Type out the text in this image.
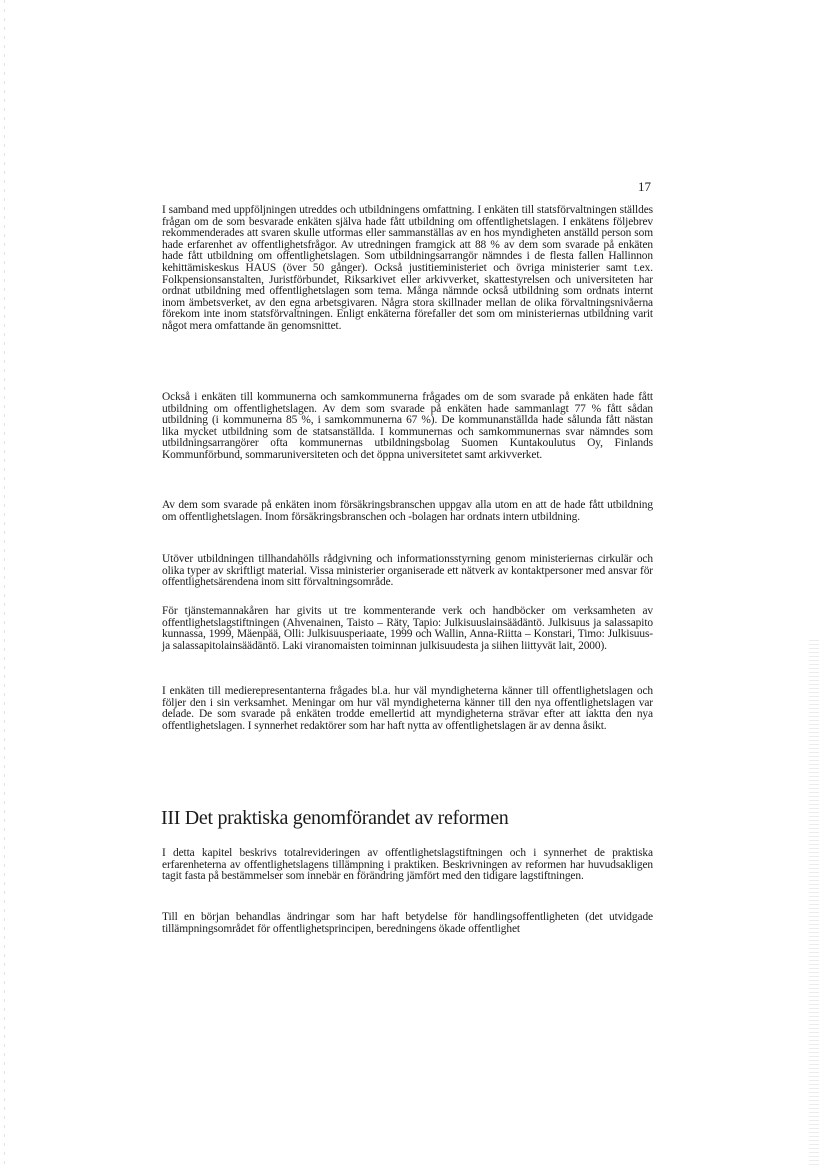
17

I samband med uppföljningen utreddes och utbildningens omfattning. I enkäten till statsförvaltningen ställdes frågan om de som besvarade enkäten själva hade fått utbildning om offentlighetslagen. I enkätens följebrev rekommenderades att svaren skulle utformas eller sammanställas av en hos myndigheten anställd person som hade erfarenhet av offentlighetsfrågor. Av utredningen framgick att 88 % av dem som svarade på enkäten hade fått utbildning om offentlighetslagen. Som utbildningsarrangör nämndes i de flesta fallen Hallinnon kehittämiskeskus HAUS (över 50 gånger). Också justitieministeriet och övriga ministerier samt t.ex. Folkpensionsanstalten, Juristförbundet, Riksarkivet eller arkivverket, skattestyrelsen och universiteten har ordnat utbildning med offentlighetslagen som tema. Många nämnde också utbildning som ordnats internt inom ämbetsverket, av den egna arbetsgivaren. Några stora skillnader mellan de olika förvaltningsnivåerna förekom inte inom statsförvaltningen. Enligt enkäterna förefaller det som om ministeriernas utbildning varit något mera omfattande än genomsnittet.

Också i enkäten till kommunerna och samkommunerna frågades om de som svarade på enkäten hade fått utbildning om offentlighetslagen. Av dem som svarade på enkäten hade sammanlagt 77 % fått sådan utbildning (i kommunerna 85 %, i samkommunerna 67 %). De kommunanställda hade sålunda fått nästan lika mycket utbildning som de statsanställda. I kommunernas och samkommunernas svar nämndes som utbildningsarrangörer ofta kommunernas utbildningsbolag Suomen Kuntakoulutus Oy, Finlands Kommunförbund, sommaruniversiteten och det öppna universitetet samt arkivverket.

Av dem som svarade på enkäten inom försäkringsbranschen uppgav alla utom en att de hade fått utbildning om offentlighetslagen. Inom försäkringsbranschen och -bolagen har ordnats intern utbildning.

Utöver utbildningen tillhandahölls rådgivning och informationsstyrning genom ministeriernas cirkulär och olika typer av skriftligt material. Vissa ministerier organiserade ett nätverk av kontaktpersoner med ansvar för offentlighetsärendena inom sitt förvaltningsområde.

För tjänstemannakåren har givits ut tre kommenterande verk och handböcker om verksamheten av offentlighetslagstiftningen (Ahvenainen, Taisto – Räty, Tapio: Julkisuuslainsäädäntö. Julkisuus ja salassapito kunnassa, 1999, Mäenpää, Olli: Julkisuusperiaate, 1999 och Wallin, Anna-Riitta – Konstari, Timo: Julkisuus- ja salassapitolainsäädäntö. Laki viranomaisten toiminnan julkisuudesta ja siihen liittyvät lait, 2000).

I enkäten till medierepresentanterna frågades bl.a. hur väl myndigheterna känner till offentlighetslagen och följer den i sin verksamhet. Meningar om hur väl myndigheterna känner till den nya offentlighetslagen var delade. De som svarade på enkäten trodde emellertid att myndigheterna strävar efter att iaktta den nya offentlighetslagen. I synnerhet redaktörer som har haft nytta av offentlighetslagen är av denna åsikt.

III Det praktiska genomförandet av reformen

I detta kapitel beskrivs totalrevideringen av offentlighetslagstiftningen och i synnerhet de praktiska erfarenheterna av offentlighetslagens tillämpning i praktiken. Beskrivningen av reformen har huvudsakligen tagit fasta på bestämmelser som innebär en förändring jämfört med den tidigare lagstiftningen.

Till en början behandlas ändringar som har haft betydelse för handlingsoffentligheten (det utvidgade tillämpningsområdet för offentlighetsprincipen, beredningens ökade offentlighet
